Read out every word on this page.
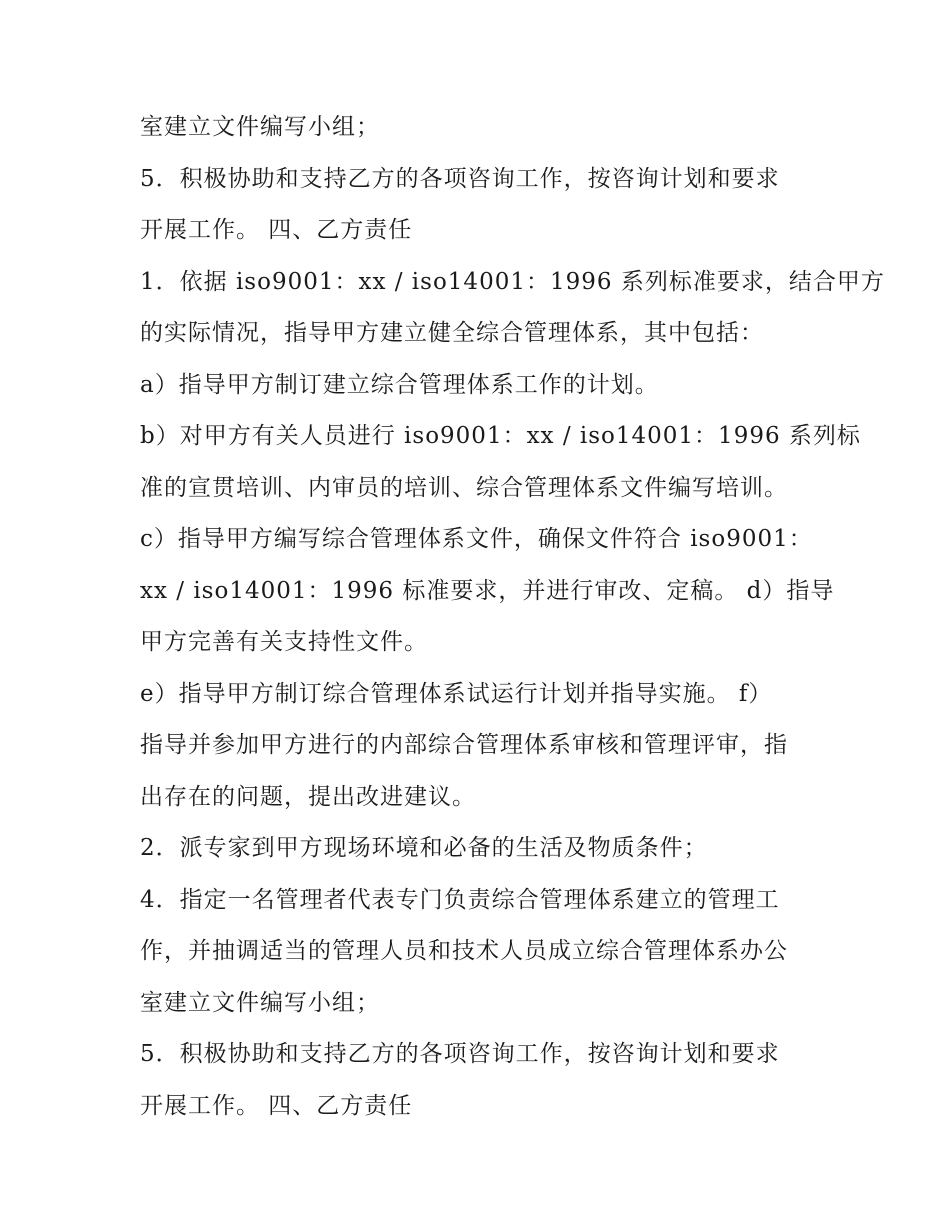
室建立文件编写小组；
5．积极协助和支持乙方的各项咨询工作，按咨询计划和要求
开展工作。 四、乙方责任
1．依据 iso9001：xx / iso14001：1996 系列标准要求，结合甲方
的实际情况，指导甲方建立健全综合管理体系，其中包括：
a）指导甲方制订建立综合管理体系工作的计划。
b）对甲方有关人员进行 iso9001：xx / iso14001：1996 系列标
准的宣贯培训、内审员的培训、综合管理体系文件编写培训。
c）指导甲方编写综合管理体系文件，确保文件符合 iso9001：
xx / iso14001：1996 标准要求，并进行审改、定稿。 d）指导
甲方完善有关支持性文件。
e）指导甲方制订综合管理体系试运行计划并指导实施。 f）
指导并参加甲方进行的内部综合管理体系审核和管理评审，指
出存在的问题，提出改进建议。
2．派专家到甲方现场环境和必备的生活及物质条件；
4．指定一名管理者代表专门负责综合管理体系建立的管理工
作，并抽调适当的管理人员和技术人员成立综合管理体系办公
室建立文件编写小组；
5．积极协助和支持乙方的各项咨询工作，按咨询计划和要求
开展工作。 四、乙方责任
